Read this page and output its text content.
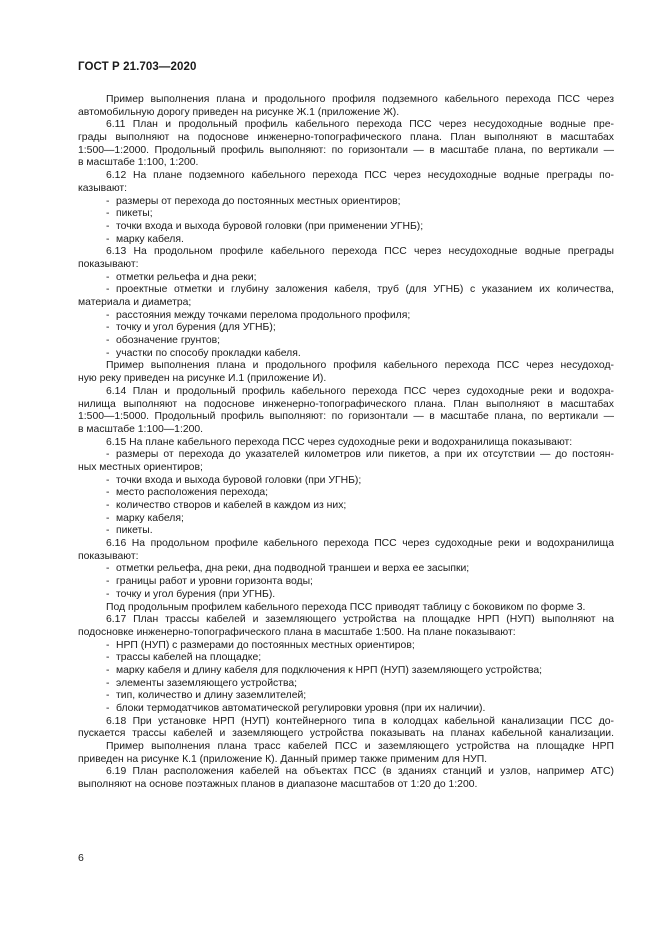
ГОСТ Р 21.703—2020
Пример выполнения плана и продольного профиля подземного кабельного перехода ПСС через
автомобильную дорогу приведен на рисунке Ж.1 (приложение Ж).
6.11 План и продольный профиль кабельного перехода ПСС через несудоходные водные пре-
грады выполняют на подоснове инженерно-топографического плана. План выполняют в масштабах
1:500—1:2000. Продольный профиль выполняют: по горизонтали — в масштабе плана, по вертикали —
в масштабе 1:100, 1:200.
6.12 На плане подземного кабельного перехода ПСС через несудоходные водные преграды по-
казывают:
- размеры от перехода до постоянных местных ориентиров;
- пикеты;
- точки входа и выхода буровой головки (при применении УГНБ);
- марку кабеля.
6.13 На продольном профиле кабельного перехода ПСС через несудоходные водные преграды
показывают:
- отметки рельефа и дна реки;
- проектные отметки и глубину заложения кабеля, труб (для УГНБ) с указанием их количества,
материала и диаметра;
- расстояния между точками перелома продольного профиля;
- точку и угол бурения (для УГНБ);
- обозначение грунтов;
- участки по способу прокладки кабеля.
Пример выполнения плана и продольного профиля кабельного перехода ПСС через несудоход-
ную реку приведен на рисунке И.1 (приложение И).
6.14 План и продольный профиль кабельного перехода ПСС через судоходные реки и водохра-
нилища выполняют на подоснове инженерно-топографического плана. План выполняют в масштабах
1:500—1:5000. Продольный профиль выполняют: по горизонтали — в масштабе плана, по вертикали —
в масштабе 1:100—1:200.
6.15 На плане кабельного перехода ПСС через судоходные реки и водохранилища показывают:
- размеры от перехода до указателей километров или пикетов, а при их отсутствии — до постоян-
ных местных ориентиров;
- точки входа и выхода буровой головки (при УГНБ);
- место расположения перехода;
- количество створов и кабелей в каждом из них;
- марку кабеля;
- пикеты.
6.16 На продольном профиле кабельного перехода ПСС через судоходные реки и водохранилища
показывают:
- отметки рельефа, дна реки, дна подводной траншеи и верха ее засыпки;
- границы работ и уровни горизонта воды;
- точку и угол бурения (при УГНБ).
Под продольным профилем кабельного перехода ПСС приводят таблицу с боковиком по форме 3.
6.17 План трассы кабелей и заземляющего устройства на площадке НРП (НУП) выполняют на
подосновке инженерно-топографического плана в масштабе 1:500. На плане показывают:
- НРП (НУП) с размерами до постоянных местных ориентиров;
- трассы кабелей на площадке;
- марку кабеля и длину кабеля для подключения к НРП (НУП) заземляющего устройства;
- элементы заземляющего устройства;
- тип, количество и длину заземлителей;
- блоки термодатчиков автоматической регулировки уровня (при их наличии).
6.18 При установке НРП (НУП) контейнерного типа в колодцах кабельной канализации ПСС до-
пускается трассы кабелей и заземляющего устройства показывать на планах кабельной канализации.
Пример выполнения плана трасс кабелей ПСС и заземляющего устройства на площадке НРП
приведен на рисунке К.1 (приложение К). Данный пример также применим для НУП.
6.19 План расположения кабелей на объектах ПСС (в зданиях станций и узлов, например АТС)
выполняют на основе поэтажных планов в диапазоне масштабов от 1:20 до 1:200.
6
